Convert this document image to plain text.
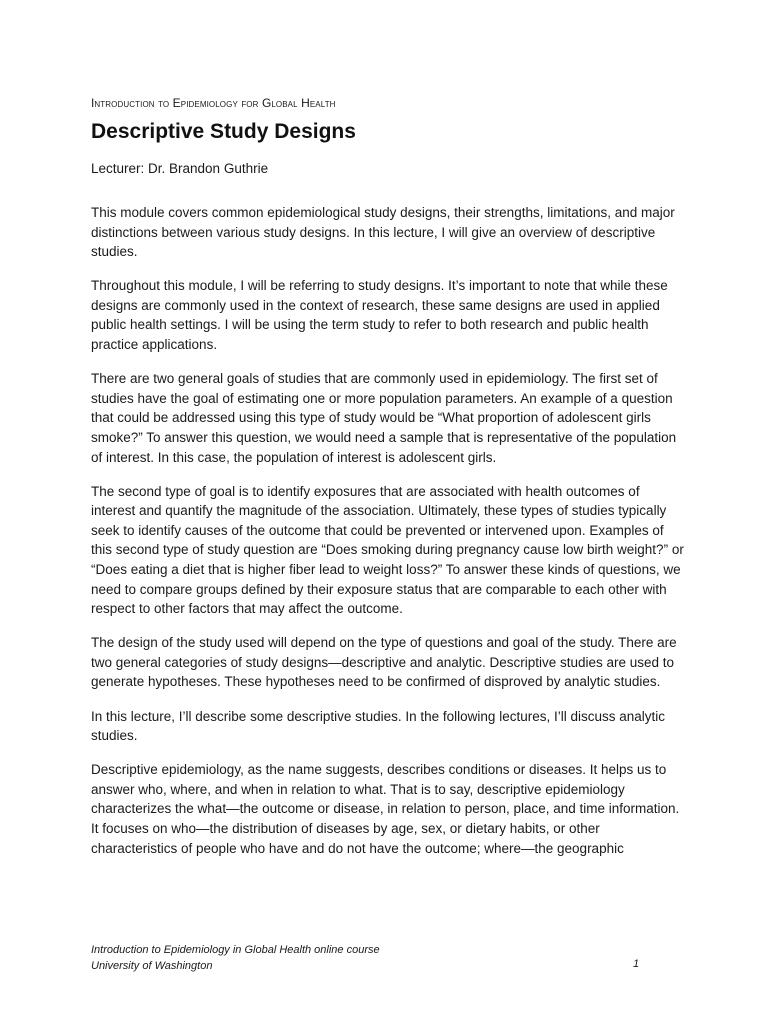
Introduction to Epidemiology for Global Health
Descriptive Study Designs
Lecturer: Dr. Brandon Guthrie

This module covers common epidemiological study designs, their strengths, limitations, and major distinctions between various study designs. In this lecture, I will give an overview of descriptive studies.

Throughout this module, I will be referring to study designs. It’s important to note that while these designs are commonly used in the context of research, these same designs are used in applied public health settings. I will be using the term study to refer to both research and public health practice applications.

There are two general goals of studies that are commonly used in epidemiology. The first set of studies have the goal of estimating one or more population parameters. An example of a question that could be addressed using this type of study would be “What proportion of adolescent girls smoke?” To answer this question, we would need a sample that is representative of the population of interest. In this case, the population of interest is adolescent girls.

The second type of goal is to identify exposures that are associated with health outcomes of interest and quantify the magnitude of the association. Ultimately, these types of studies typically seek to identify causes of the outcome that could be prevented or intervened upon. Examples of this second type of study question are “Does smoking during pregnancy cause low birth weight?” or “Does eating a diet that is higher fiber lead to weight loss?” To answer these kinds of questions, we need to compare groups defined by their exposure status that are comparable to each other with respect to other factors that may affect the outcome.

The design of the study used will depend on the type of questions and goal of the study. There are two general categories of study designs—descriptive and analytic. Descriptive studies are used to generate hypotheses. These hypotheses need to be confirmed of disproved by analytic studies.

In this lecture, I’ll describe some descriptive studies. In the following lectures, I’ll discuss analytic studies.

Descriptive epidemiology, as the name suggests, describes conditions or diseases. It helps us to answer who, where, and when in relation to what. That is to say, descriptive epidemiology characterizes the what—the outcome or disease, in relation to person, place, and time information. It focuses on who—the distribution of diseases by age, sex, or dietary habits, or other characteristics of people who have and do not have the outcome; where—the geographic

Introduction to Epidemiology in Global Health online course
University of Washington	1
